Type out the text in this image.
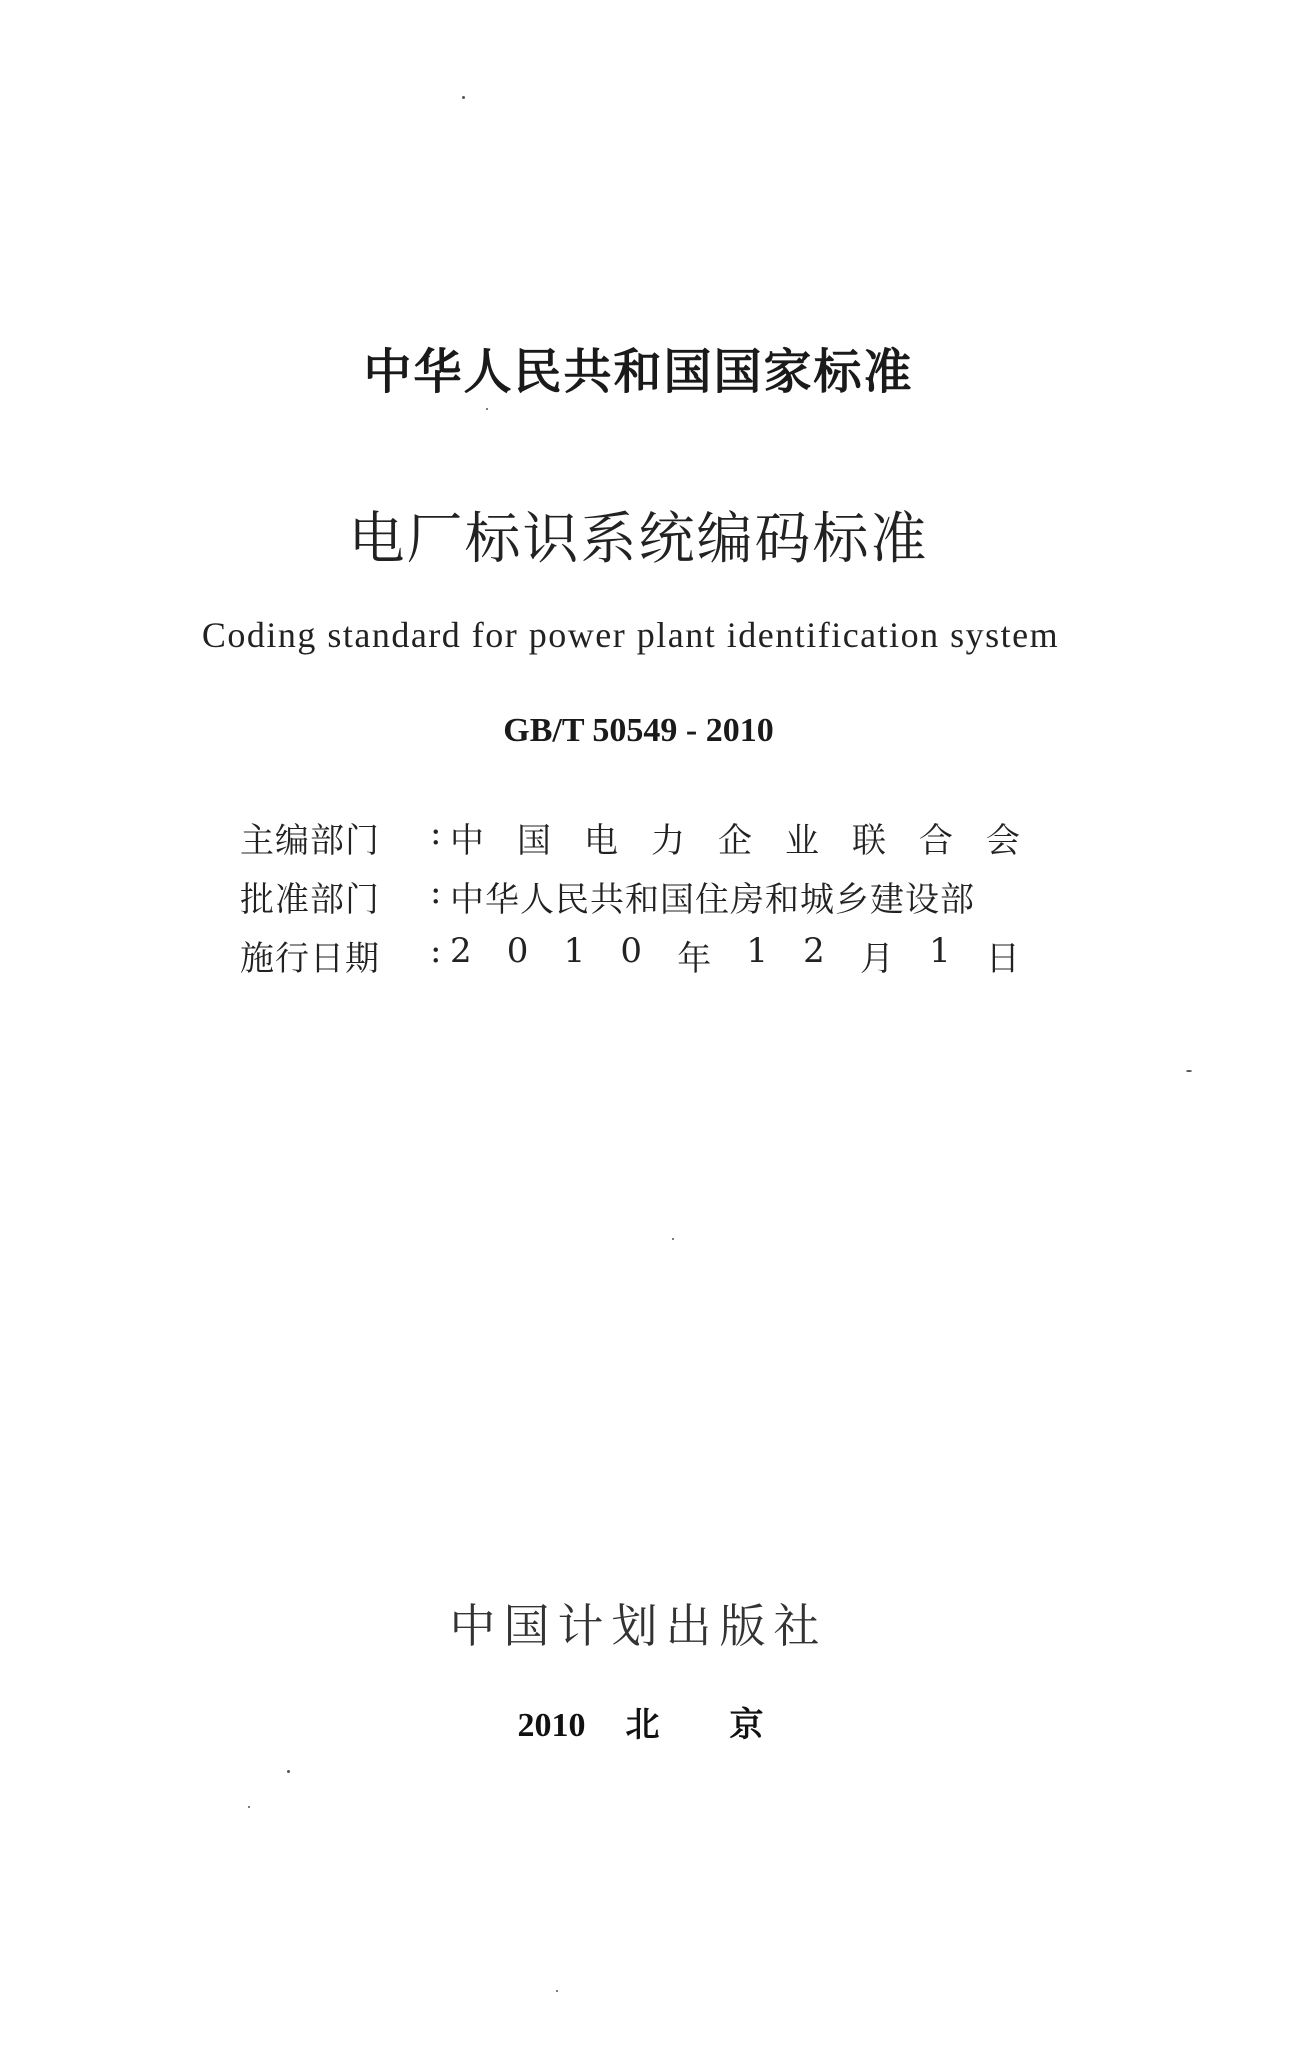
中华人民共和国国家标准
电厂标识系统编码标准
Coding standard for power plant identification system
GB/T 50549 - 2010
主编部门	: 中 国 电 力 企 业 联 合 会
批准部门	: 中华人民共和国住房和城乡建设部
施行日期	: 2 0 1 0 年 1 2 月 1 日
中国计划出版社
2010 北 京
